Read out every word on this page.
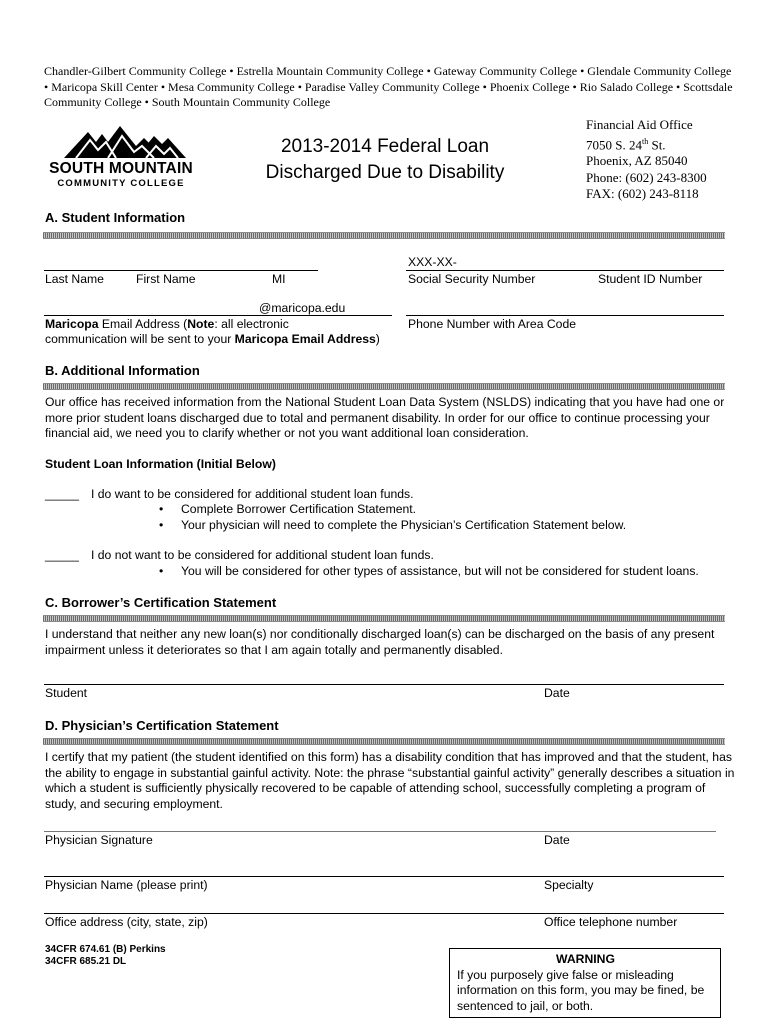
Chandler-Gilbert Community College • Estrella Mountain Community College • Gateway Community College • Glendale Community College • Maricopa Skill Center • Mesa Community College • Paradise Valley Community College • Phoenix College • Rio Salado College • Scottsdale Community College • South Mountain Community College
SOUTH MOUNTAIN
COMMUNITY COLLEGE
2013-2014 Federal Loan
Discharged Due to Disability
Financial Aid Office
7050 S. 24th St.
Phoenix, AZ 85040
Phone: (602) 243-8300
FAX: (602) 243-8118
A. Student Information
Last Name	First Name	MI
XXX-XX-
Social Security Number	Student ID Number
@maricopa.edu
Maricopa Email Address (Note: all electronic
communication will be sent to your Maricopa Email Address)
Phone Number with Area Code
B. Additional Information
Our office has received information from the National Student Loan Data System (NSLDS) indicating that you have had one or more prior student loans discharged due to total and permanent disability. In order for our office to continue processing your financial aid, we need you to clarify whether or not you want additional loan consideration.
Student Loan Information (Initial Below)
_____ I do want to be considered for additional student loan funds.
• Complete Borrower Certification Statement.
• Your physician will need to complete the Physician’s Certification Statement below.
_____ I do not want to be considered for additional student loan funds.
• You will be considered for other types of assistance, but will not be considered for student loans.
C. Borrower’s Certification Statement
I understand that neither any new loan(s) nor conditionally discharged loan(s) can be discharged on the basis of any present impairment unless it deteriorates so that I am again totally and permanently disabled.
Student	Date
D. Physician’s Certification Statement
I certify that my patient (the student identified on this form) has a disability condition that has improved and that the student, has the ability to engage in substantial gainful activity. Note: the phrase “substantial gainful activity” generally describes a situation in which a student is sufficiently physically recovered to be capable of attending school, successfully completing a program of study, and securing employment.
Physician Signature	Date
Physician Name (please print)	Specialty
Office address (city, state, zip)	Office telephone number
34CFR 674.61 (B) Perkins
34CFR 685.21 DL	WARNING
If you purposely give false or misleading information on this form, you may be fined, be sentenced to jail, or both.
